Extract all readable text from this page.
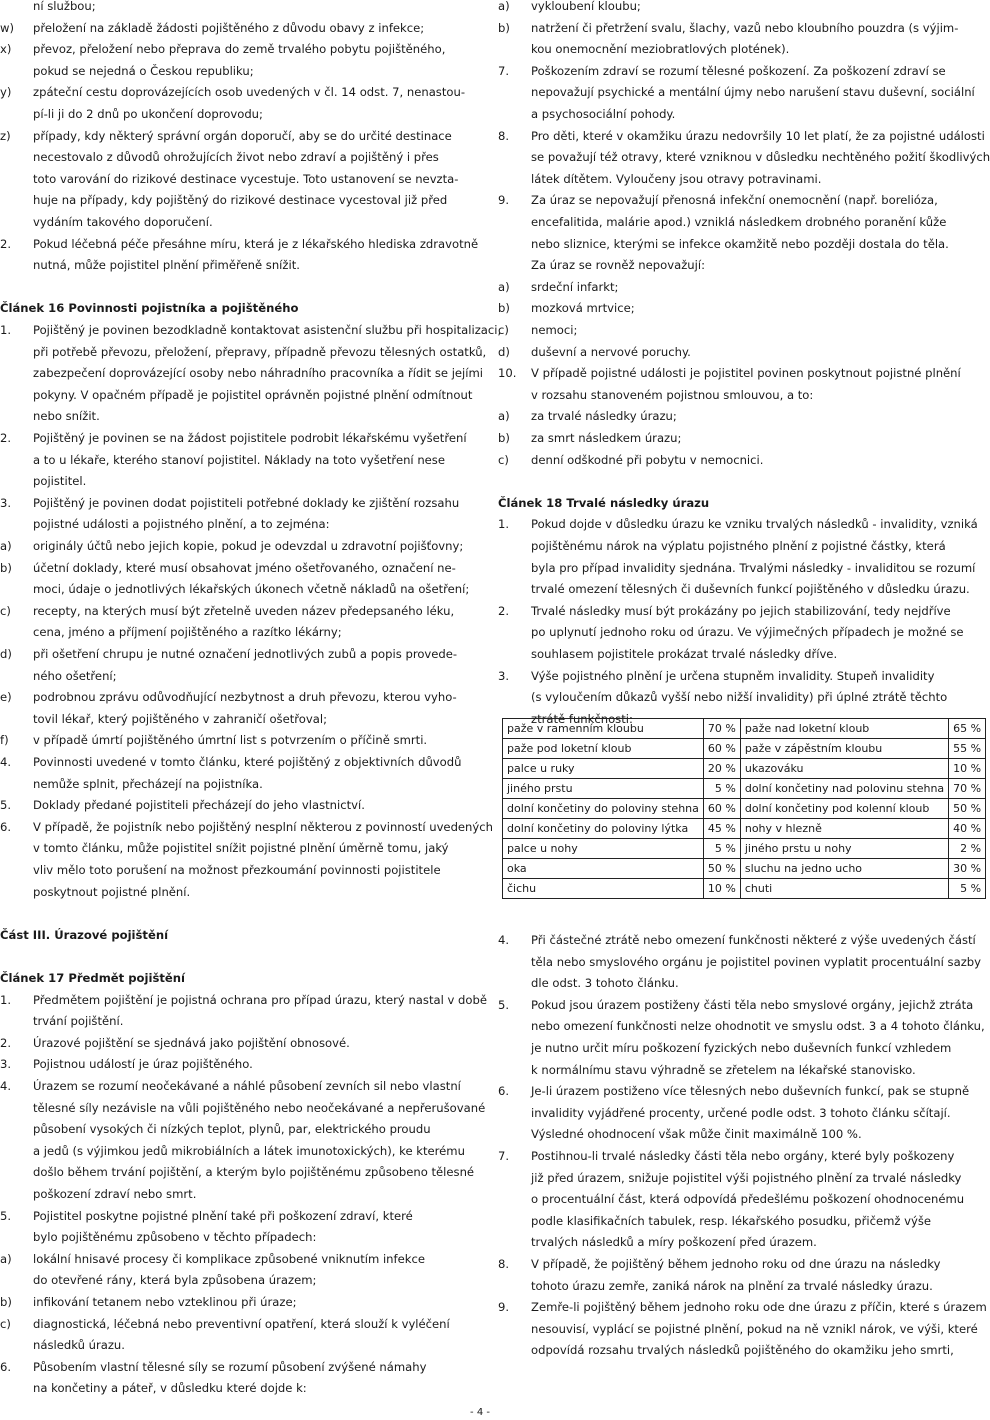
ní službou;
w) přeložení na základě žádosti pojištěného z důvodu obavy z infekce;
x) převoz, přeložení nebo přeprava do země trvalého pobytu pojištěného,
pokud se nejedná o Českou republiku;
y) zpáteční cestu doprovázejících osob uvedených v čl. 14 odst. 7, nenastou-
pí-li ji do 2 dnů po ukončení doprovodu;
z) případy, kdy některý správní orgán doporučí, aby se do určité destinace
necestovalo z důvodů ohrožujících život nebo zdraví a pojištěný i přes
toto varování do rizikové destinace vycestuje. Toto ustanovení se nevzta-
huje na případy, kdy pojištěný do rizikové destinace vycestoval již před
vydáním takového doporučení.
2. Pokud léčebná péče přesáhne míru, která je z lékařského hlediska zdravotně
nutná, může pojistitel plnění přiměřeně snížit.
Článek 16 Povinnosti pojistníka a pojištěného
1. Pojištěný je povinen bezodkladně kontaktovat asistenční službu při hospitalizaci,
při potřebě převozu, přeložení, přepravy, případně převozu tělesných ostatků,
zabezpečení doprovázející osoby nebo náhradního pracovníka a řídit se jejími
pokyny. V opačném případě je pojistitel oprávněn pojistné plnění odmítnout
nebo snížit.
2. Pojištěný je povinen se na žádost pojistitele podrobit lékařskému vyšetření
a to u lékaře, kterého stanoví pojistitel. Náklady na toto vyšetření nese
pojistitel.
3. Pojištěný je povinen dodat pojistiteli potřebné doklady ke zjištění rozsahu
pojistné události a pojistného plnění, a to zejména:
a) originály účtů nebo jejich kopie, pokud je odevzdal u zdravotní pojišťovny;
b) účetní doklady, které musí obsahovat jméno ošetřovaného, označení ne-
moci, údaje o jednotlivých lékařských úkonech včetně nákladů na ošetření;
c) recepty, na kterých musí být zřetelně uveden název předepsaného léku,
cena, jméno a příjmení pojištěného a razítko lékárny;
d) při ošetření chrupu je nutné označení jednotlivých zubů a popis provede-
ného ošetření;
e) podrobnou zprávu odůvodňující nezbytnost a druh převozu, kterou vyho-
tovil lékař, který pojištěného v zahraničí ošetřoval;
f) v případě úmrtí pojištěného úmrtní list s potvrzením o příčině smrti.
4. Povinnosti uvedené v tomto článku, které pojištěný z objektivních důvodů
nemůže splnit, přecházejí na pojistníka.
5. Doklady předané pojistiteli přecházejí do jeho vlastnictví.
6. V případě, že pojistník nebo pojištěný nesplní některou z povinností uvedených
v tomto článku, může pojistitel snížit pojistné plnění úměrně tomu, jaký
vliv mělo toto porušení na možnost přezkoumání povinnosti pojistitele
poskytnout pojistné plnění.
Část III. Úrazové pojištění
Článek 17 Předmět pojištění
1. Předmětem pojištění je pojistná ochrana pro případ úrazu, který nastal v době
trvání pojištění.
2. Úrazové pojištění se sjednává jako pojištění obnosové.
3. Pojistnou událostí je úraz pojištěného.
4. Úrazem se rozumí neočekávané a náhlé působení zevních sil nebo vlastní
tělesné síly nezávisle na vůli pojištěného nebo neočekávané a nepřerušované
působení vysokých či nízkých teplot, plynů, par, elektrického proudu
a jedů (s výjimkou jedů mikrobiálních a látek imunotoxických), ke kterému
došlo během trvání pojištění, a kterým bylo pojištěnému způsobeno tělesné
poškození zdraví nebo smrt.
5. Pojistitel poskytne pojistné plnění také při poškození zdraví, které
bylo pojištěnému způsobeno v těchto případech:
a) lokální hnisavé procesy či komplikace způsobené vniknutím infekce
do otevřené rány, která byla způsobena úrazem;
b) infikování tetanem nebo vzteklinou při úraze;
c) diagnostická, léčebná nebo preventivní opatření, která slouží k vyléčení
následků úrazu.
6. Působením vlastní tělesné síly se rozumí působení zvýšené námahy
na končetiny a páteř, v důsledku které dojde k:
a) vykloubení kloubu;
b) natržení či přetržení svalu, šlachy, vazů nebo kloubního pouzdra (s výjim-
kou onemocnění meziobratlových plotének).
7. Poškozením zdraví se rozumí tělesné poškození. Za poškození zdraví se
nepovažují psychické a mentální újmy nebo narušení stavu duševní, sociální
a psychosociální pohody.
8. Pro děti, které v okamžiku úrazu nedovršily 10 let platí, že za pojistné události
se považují též otravy, které vzniknou v důsledku nechtěného požití škodlivých
látek dítětem. Vyloučeny jsou otravy potravinami.
9. Za úraz se nepovažují přenosná infekční onemocnění (např. borelióza,
encefalitida, malárie apod.) vzniklá následkem drobného poranění kůže
nebo sliznice, kterými se infekce okamžitě nebo později dostala do těla.
Za úraz se rovněž nepovažují:
a) srdeční infarkt;
b) mozková mrtvice;
c) nemoci;
d) duševní a nervové poruchy.
10. V případě pojistné události je pojistitel povinen poskytnout pojistné plnění
v rozsahu stanoveném pojistnou smlouvou, a to:
a) za trvalé následky úrazu;
b) za smrt následkem úrazu;
c) denní odškodné při pobytu v nemocnici.
Článek 18 Trvalé následky úrazu
1. Pokud dojde v důsledku úrazu ke vzniku trvalých následků - invalidity, vzniká
pojištěnému nárok na výplatu pojistného plnění z pojistné částky, která
byla pro případ invalidity sjednána. Trvalými následky - invaliditou se rozumí
trvalé omezení tělesných či duševních funkcí pojištěného v důsledku úrazu.
2. Trvalé následky musí být prokázány po jejich stabilizování, tedy nejdříve
po uplynutí jednoho roku od úrazu. Ve výjimečných případech je možné se
souhlasem pojistitele prokázat trvalé následky dříve.
3. Výše pojistného plnění je určena stupněm invalidity. Stupeň invalidity
(s vyloučením důkazů vyšší nebo nižší invalidity) při úplné ztrátě těchto
ztrátě funkčnosti:
paže v ramenním kloubu	70 %	paže nad loketní kloub	65 %
paže pod loketní kloub	60 %	paže v zápěstním kloubu	55 %
palce u ruky	20 %	ukazováku	10 %
jiného prstu	5 %	dolní končetiny nad polovinu stehna	70 %
dolní končetiny do poloviny stehna	60 %	dolní končetiny pod kolenní kloub	50 %
dolní končetiny do poloviny lýtka	45 %	nohy v hlezně	40 %
palce u nohy	5 %	jiného prstu u nohy	2 %
oka	50 %	sluchu na jedno ucho	30 %
čichu	10 %	chuti	5 %
4. Při částečné ztrátě nebo omezení funkčnosti některé z výše uvedených částí
těla nebo smyslového orgánu je pojistitel povinen vyplatit procentuální sazby
dle odst. 3 tohoto článku.
5. Pokud jsou úrazem postiženy části těla nebo smyslové orgány, jejichž ztráta
nebo omezení funkčnosti nelze ohodnotit ve smyslu odst. 3 a 4 tohoto článku,
je nutno určit míru poškození fyzických nebo duševních funkcí vzhledem
k normálnímu stavu výhradně se zřetelem na lékařské stanovisko.
6. Je-li úrazem postiženo více tělesných nebo duševních funkcí, pak se stupně
invalidity vyjádřené procenty, určené podle odst. 3 tohoto článku sčítají.
Výsledné ohodnocení však může činit maximálně 100 %.
7. Postihnou-li trvalé následky části těla nebo orgány, které byly poškozeny
již před úrazem, snižuje pojistitel výši pojistného plnění za trvalé následky
o procentuální část, která odpovídá předešlému poškození ohodnocenému
podle klasifikačních tabulek, resp. lékařského posudku, přičemž výše
trvalých následků a míry poškození před úrazem.
8. V případě, že pojištěný během jednoho roku od dne úrazu na následky
tohoto úrazu zemře, zaniká nárok na plnění za trvalé následky úrazu.
9. Zemře-li pojištěný během jednoho roku ode dne úrazu z příčin, které s úrazem
nesouvisí, vyplácí se pojistné plnění, pokud na ně vznikl nárok, ve výši, které
odpovídá rozsahu trvalých následků pojištěného do okamžiku jeho smrti,
- 4 -
